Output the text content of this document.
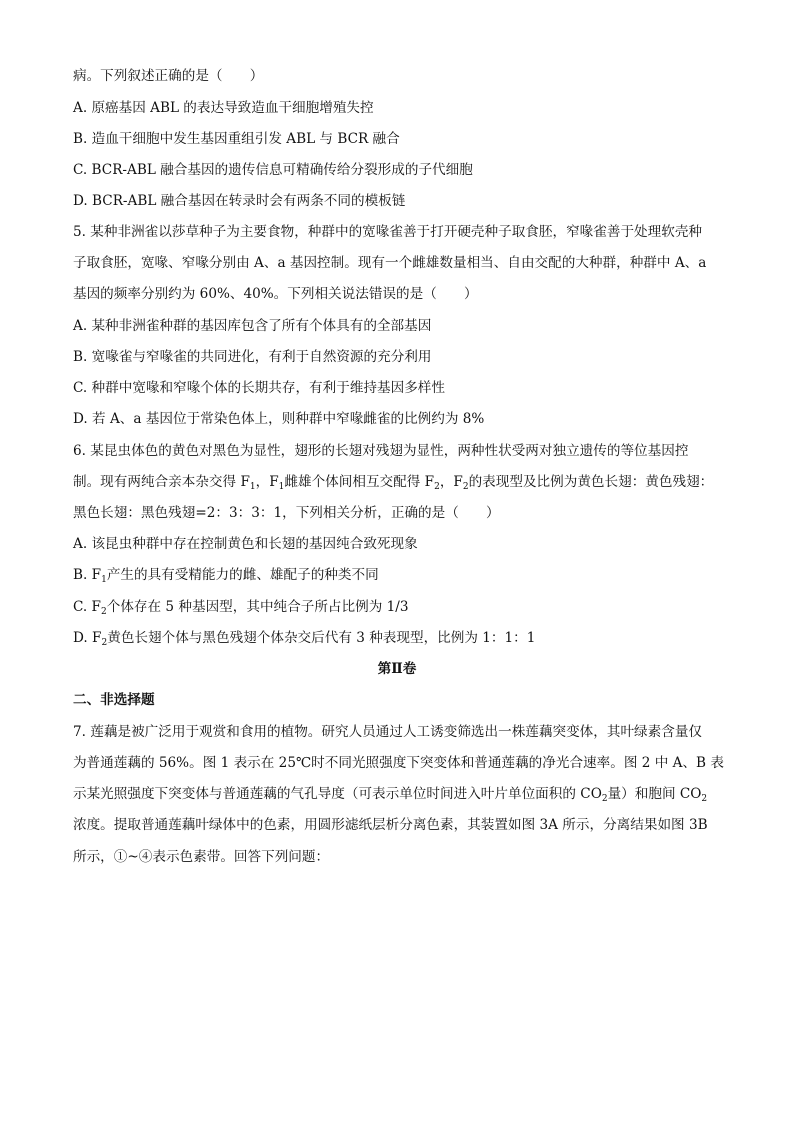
病。下列叙述正确的是（　　）
A. 原癌基因 ABL 的表达导致造血干细胞增殖失控
B. 造血干细胞中发生基因重组引发 ABL 与 BCR 融合
C. BCR-ABL 融合基因的遗传信息可精确传给分裂形成的子代细胞
D. BCR-ABL 融合基因在转录时会有两条不同的模板链
5. 某种非洲雀以莎草种子为主要食物，种群中的宽喙雀善于打开硬壳种子取食胚，窄喙雀善于处理软壳种
子取食胚，宽喙、窄喙分别由 A、a 基因控制。现有一个雌雄数量相当、自由交配的大种群，种群中 A、a
基因的频率分别约为 60%、40%。下列相关说法错误的是（　　）
A. 某种非洲雀种群的基因库包含了所有个体具有的全部基因
B. 宽喙雀与窄喙雀的共同进化，有利于自然资源的充分利用
C. 种群中宽喙和窄喙个体的长期共存，有利于维持基因多样性
D. 若 A、a 基因位于常染色体上，则种群中窄喙雌雀的比例约为 8%
6. 某昆虫体色的黄色对黑色为显性，翅形的长翅对残翅为显性，两种性状受两对独立遗传的等位基因控
制。现有两纯合亲本杂交得 $F_1$，$F_1$雌雄个体间相互交配得 $F_2$，$F_2$的表现型及比例为黄色长翅：黄色残翅：
黑色长翅：黑色残翅=2：3：3：1，下列相关分析，正确的是（　　）
A. 该昆虫种群中存在控制黄色和长翅的基因纯合致死现象
B. $F_1$产生的具有受精能力的雌、雄配子的种类不同
C. $F_2$个体存在 5 种基因型，其中纯合子所占比例为 1/3
D. $F_2$黄色长翅个体与黑色残翅个体杂交后代有 3 种表现型，比例为 1：1：1
第Ⅱ卷
二、非选择题
7. 莲藕是被广泛用于观赏和食用的植物。研究人员通过人工诱变筛选出一株莲藕突变体，其叶绿素含量仅
为普通莲藕的 56%。图 1 表示在 25℃时不同光照强度下突变体和普通莲藕的净光合速率。图 2 中 A、B 表
示某光照强度下突变体与普通莲藕的气孔导度（可表示单位时间进入叶片单位面积的 $CO_2$量）和胞间 $CO_2$
浓度。提取普通莲藕叶绿体中的色素，用圆形滤纸层析分离色素，其装置如图 3A 所示，分离结果如图 3B
所示，①~④表示色素带。回答下列问题：
